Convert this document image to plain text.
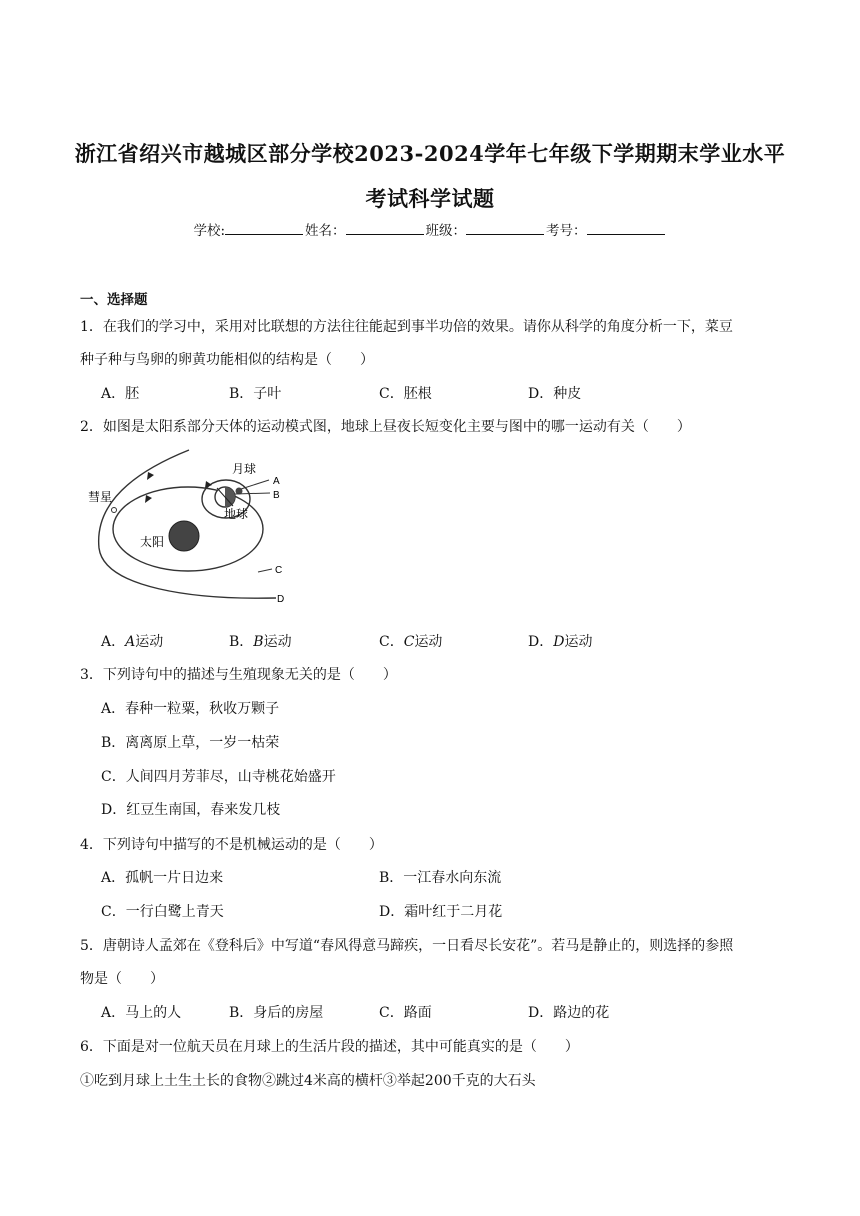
浙江省绍兴市越城区部分学校2023-2024学年七年级下学期期末学业水平
考试科学试题
学校:	姓名：	班级：	考号：
一、选择题
1．在我们的学习中，采用对比联想的方法往往能起到事半功倍的效果。请你从科学的角度分析一下，菜豆
种子种与鸟卵的卵黄功能相似的结构是（　　）
A．胚	B．子叶	C．胚根	D．种皮
2．如图是太阳系部分天体的运动模式图，地球上昼夜长短变化主要与图中的哪一运动有关（　　）
月球
地球
太阳
彗星
A
B
C
D
A．A运动	B．B运动	C．C运动	D．D运动
3．下列诗句中的描述与生殖现象无关的是（　　）
A．春种一粒粟，秋收万颗子
B．离离原上草，一岁一枯荣
C．人间四月芳菲尽，山寺桃花始盛开
D．红豆生南国，春来发几枝
4．下列诗句中描写的不是机械运动的是（　　）
A．孤帆一片日边来	B．一江春水向东流
C．一行白鹭上青天	D．霜叶红于二月花
5．唐朝诗人孟郊在《登科后》中写道“春风得意马蹄疾，一日看尽长安花”。若马是静止的，则选择的参照
物是（　　）
A．马上的人	B．身后的房屋	C．路面	D．路边的花
6．下面是对一位航天员在月球上的生活片段的描述，其中可能真实的是（　　）
①吃到月球上土生土长的食物②跳过4米高的横杆③举起200千克的大石头
